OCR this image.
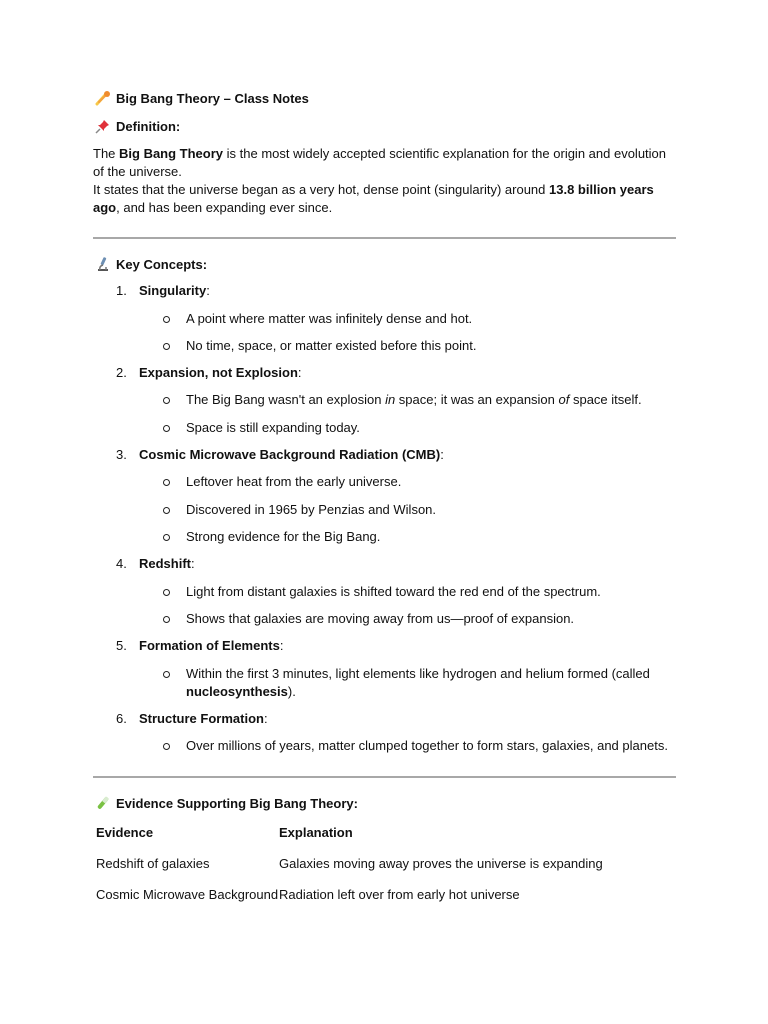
Big Bang Theory – Class Notes
Definition:
The Big Bang Theory is the most widely accepted scientific explanation for the origin and evolution of the universe.
It states that the universe began as a very hot, dense point (singularity) around 13.8 billion years ago, and has been expanding ever since.
Key Concepts:
1. Singularity:
A point where matter was infinitely dense and hot.
No time, space, or matter existed before this point.
2. Expansion, not Explosion:
The Big Bang wasn't an explosion in space; it was an expansion of space itself.
Space is still expanding today.
3. Cosmic Microwave Background Radiation (CMB):
Leftover heat from the early universe.
Discovered in 1965 by Penzias and Wilson.
Strong evidence for the Big Bang.
4. Redshift:
Light from distant galaxies is shifted toward the red end of the spectrum.
Shows that galaxies are moving away from us—proof of expansion.
5. Formation of Elements:
Within the first 3 minutes, light elements like hydrogen and helium formed (called nucleosynthesis).
6. Structure Formation:
Over millions of years, matter clumped together to form stars, galaxies, and planets.
Evidence Supporting Big Bang Theory:
Evidence	Explanation
Redshift of galaxies	Galaxies moving away proves the universe is expanding
Cosmic Microwave Background Radiation left over from early hot universe
